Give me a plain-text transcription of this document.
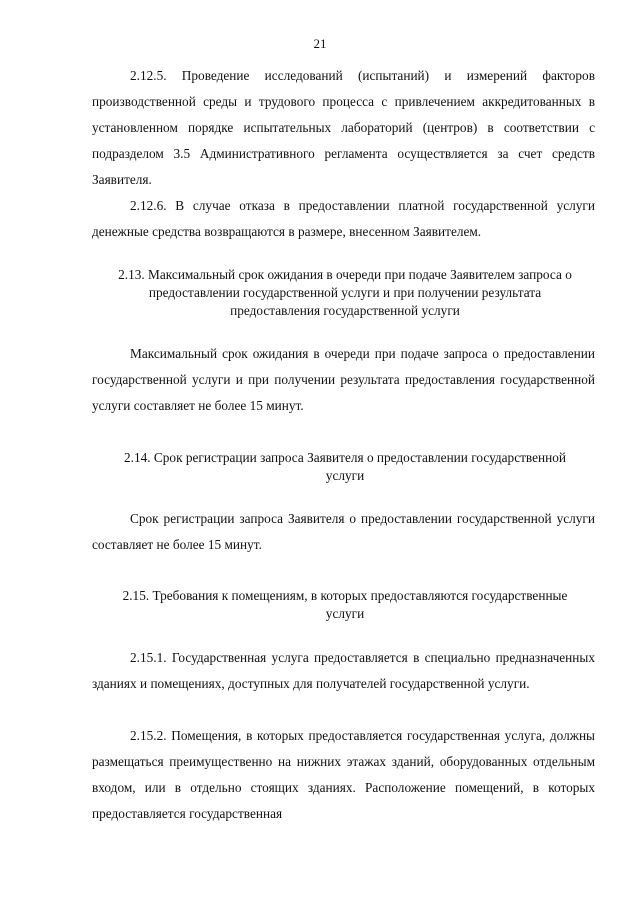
21

2.12.5. Проведение исследований (испытаний) и измерений факторов производственной среды и трудового процесса с привлечением аккредитованных в установленном порядке испытательных лабораторий (центров) в соответствии с подразделом 3.5 Административного регламента осуществляется за счет средств Заявителя.

2.12.6. В случае отказа в предоставлении платной государственной услуги денежные средства возвращаются в размере, внесенном Заявителем.

2.13. Максимальный срок ожидания в очереди при подаче Заявителем запроса о предоставлении государственной услуги и при получении результата предоставления государственной услуги

Максимальный срок ожидания в очереди при подаче запроса о предоставлении государственной услуги и при получении результата предоставления государственной услуги составляет не более 15 минут.

2.14. Срок регистрации запроса Заявителя о предоставлении государственной услуги

Срок регистрации запроса Заявителя о предоставлении государственной услуги составляет не более 15 минут.

2.15. Требования к помещениям, в которых предоставляются государственные услуги

2.15.1. Государственная услуга предоставляется в специально предназначенных зданиях и помещениях, доступных для получателей государственной услуги.

2.15.2. Помещения, в которых предоставляется государственная услуга, должны размещаться преимущественно на нижних этажах зданий, оборудованных отдельным входом, или в отдельно стоящих зданиях. Расположение помещений, в которых предоставляется государственная
